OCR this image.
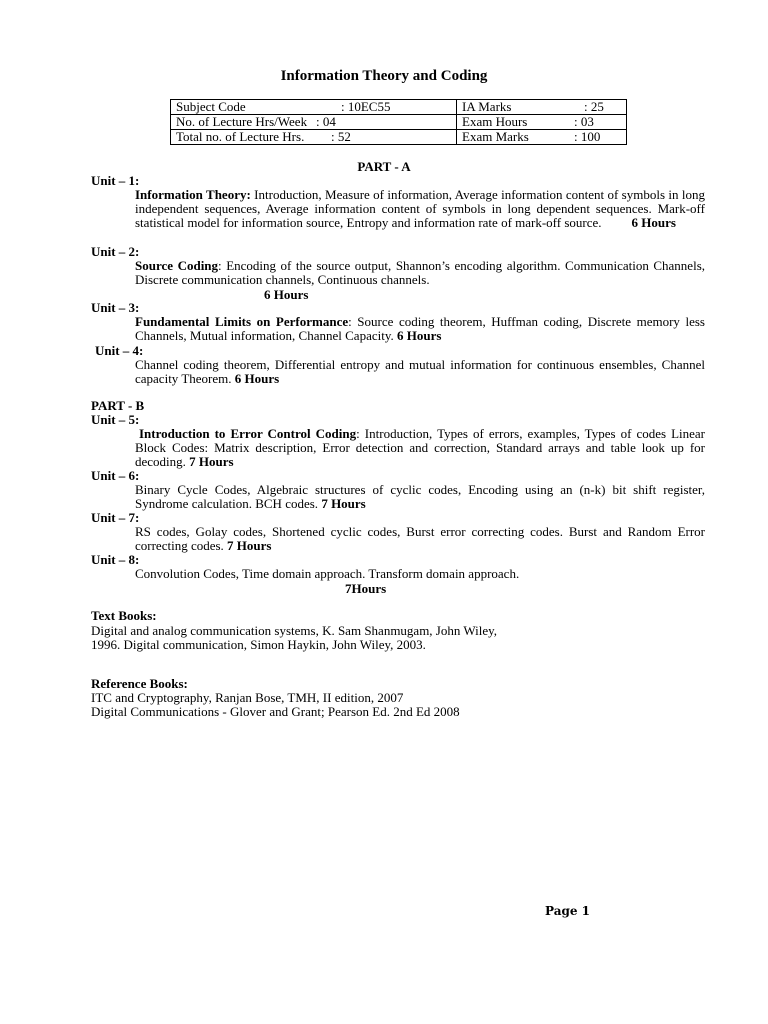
Information Theory and Coding
Subject Code : 10EC55	IA Marks : 25
No. of Lecture Hrs/Week : 04	Exam Hours : 03
Total no. of Lecture Hrs. : 52	Exam Marks : 100
PART - A
Unit – 1:
Information Theory: Introduction, Measure of information, Average information content of symbols in long independent sequences, Average information content of symbols in long dependent sequences. Mark-off statistical model for information source, Entropy and information rate of mark-off source. 6 Hours
Unit – 2:
Source Coding: Encoding of the source output, Shannon’s encoding algorithm. Communication Channels, Discrete communication channels, Continuous channels.
6 Hours
Unit – 3:
Fundamental Limits on Performance: Source coding theorem, Huffman coding, Discrete memory less Channels, Mutual information, Channel Capacity. 6 Hours
Unit – 4:
Channel coding theorem, Differential entropy and mutual information for continuous ensembles, Channel capacity Theorem. 6 Hours
PART - B
Unit – 5:
Introduction to Error Control Coding: Introduction, Types of errors, examples, Types of codes Linear Block Codes: Matrix description, Error detection and correction, Standard arrays and table look up for decoding. 7 Hours
Unit – 6:
Binary Cycle Codes, Algebraic structures of cyclic codes, Encoding using an (n-k) bit shift register, Syndrome calculation. BCH codes. 7 Hours
Unit – 7:
RS codes, Golay codes, Shortened cyclic codes, Burst error correcting codes. Burst and Random Error correcting codes. 7 Hours
Unit – 8:
Convolution Codes, Time domain approach. Transform domain approach.
7Hours
Text Books:
Digital and analog communication systems, K. Sam Shanmugam, John Wiley,
1996. Digital communication, Simon Haykin, John Wiley, 2003.
Reference Books:
ITC and Cryptography, Ranjan Bose, TMH, II edition, 2007
Digital Communications - Glover and Grant; Pearson Ed. 2nd Ed 2008
Page 1
